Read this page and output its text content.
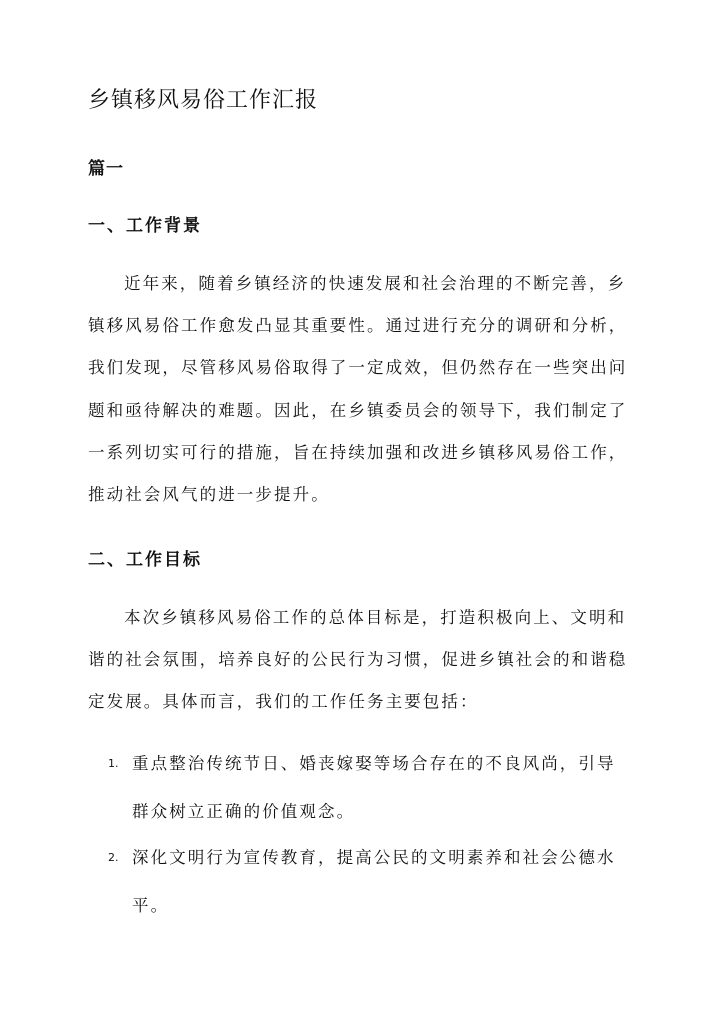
乡镇移风易俗工作汇报
篇一
一、工作背景

近年来，随着乡镇经济的快速发展和社会治理的不断完善，乡
镇移风易俗工作愈发凸显其重要性。通过进行充分的调研和分析，
我们发现，尽管移风易俗取得了一定成效，但仍然存在一些突出问
题和亟待解决的难题。因此，在乡镇委员会的领导下，我们制定了
一系列切实可行的措施，旨在持续加强和改进乡镇移风易俗工作，
推动社会风气的进一步提升。

二、工作目标

本次乡镇移风易俗工作的总体目标是，打造积极向上、文明和
谐的社会氛围，培养良好的公民行为习惯，促进乡镇社会的和谐稳
定发展。具体而言，我们的工作任务主要包括：

1. 重点整治传统节日、婚丧嫁娶等场合存在的不良风尚，引导
群众树立正确的价值观念。
2. 深化文明行为宣传教育，提高公民的文明素养和社会公德水
平。
